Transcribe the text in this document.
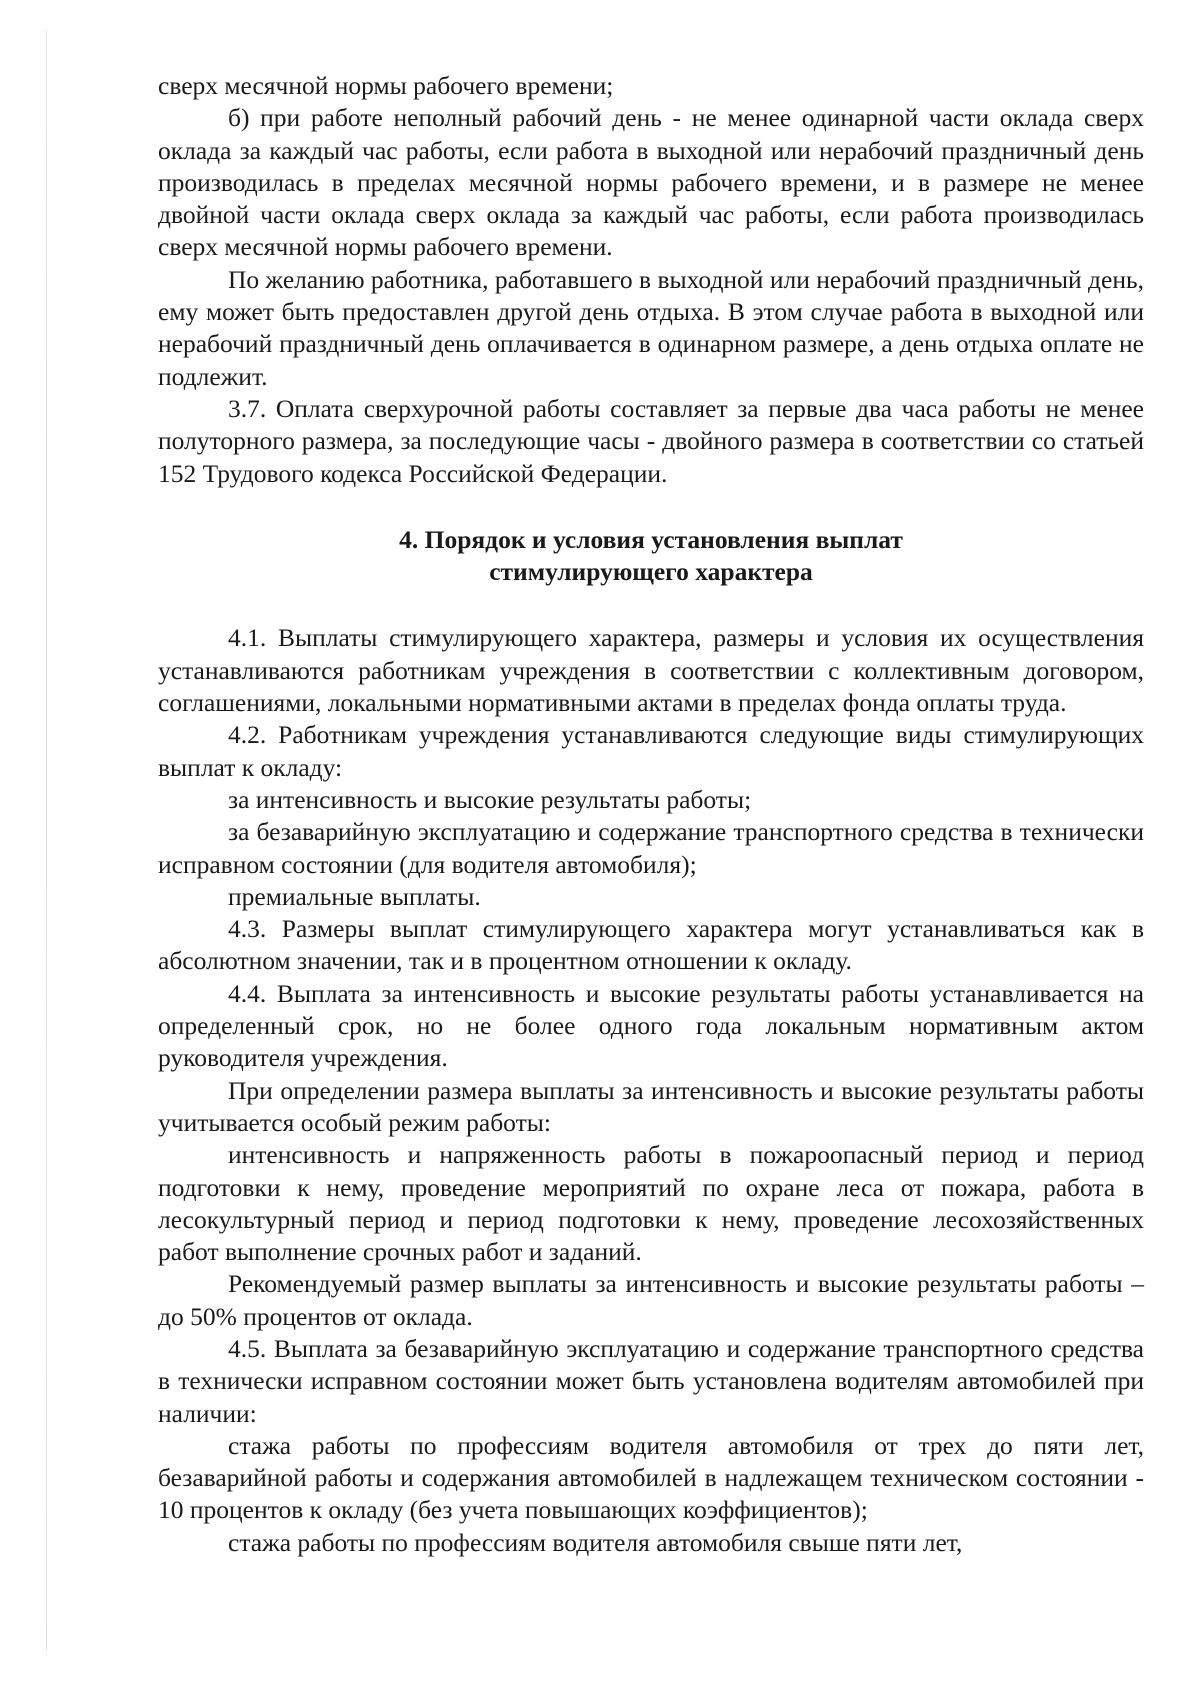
сверх месячной нормы рабочего времени;

б) при работе неполный рабочий день - не менее одинарной части оклада сверх оклада за каждый час работы, если работа в выходной или нерабочий праздничный день производилась в пределах месячной нормы рабочего времени, и в размере не менее двойной части оклада сверх оклада за каждый час работы, если работа производилась сверх месячной нормы рабочего времени.

По желанию работника, работавшего в выходной или нерабочий праздничный день, ему может быть предоставлен другой день отдыха. В этом случае работа в выходной или нерабочий праздничный день оплачивается в одинарном размере, а день отдыха оплате не подлежит.

3.7. Оплата сверхурочной работы составляет за первые два часа работы не менее полуторного размера, за последующие часы - двойного размера в соответствии со статьей 152 Трудового кодекса Российской Федерации.

4. Порядок и условия установления выплат
стимулирующего характера

4.1. Выплаты стимулирующего характера, размеры и условия их осуществления устанавливаются работникам учреждения в соответствии с коллективным договором, соглашениями, локальными нормативными актами в пределах фонда оплаты труда.

4.2. Работникам учреждения устанавливаются следующие виды стимулирующих выплат к окладу:

за интенсивность и высокие результаты работы;

за безаварийную эксплуатацию и содержание транспортного средства в технически исправном состоянии (для водителя автомобиля);

премиальные выплаты.

4.3. Размеры выплат стимулирующего характера могут устанавливаться как в абсолютном значении, так и в процентном отношении к окладу.

4.4. Выплата за интенсивность и высокие результаты работы устанавливается на определенный срок, но не более одного года локальным нормативным актом руководителя учреждения.

При определении размера выплаты за интенсивность и высокие результаты работы учитывается особый режим работы:

интенсивность и напряженность работы в пожароопасный период и период подготовки к нему, проведение мероприятий по охране леса от пожара, работа в лесокультурный период и период подготовки к нему, проведение лесохозяйственных работ выполнение срочных работ и заданий.

Рекомендуемый размер выплаты за интенсивность и высокие результаты работы – до 50% процентов от оклада.

4.5. Выплата за безаварийную эксплуатацию и содержание транспортного средства в технически исправном состоянии может быть установлена водителям автомобилей при наличии:

стажа работы по профессиям водителя автомобиля от трех до пяти лет, безаварийной работы и содержания автомобилей в надлежащем техническом состоянии - 10 процентов к окладу (без учета повышающих коэффициентов);

стажа работы по профессиям водителя автомобиля свыше пяти лет,
